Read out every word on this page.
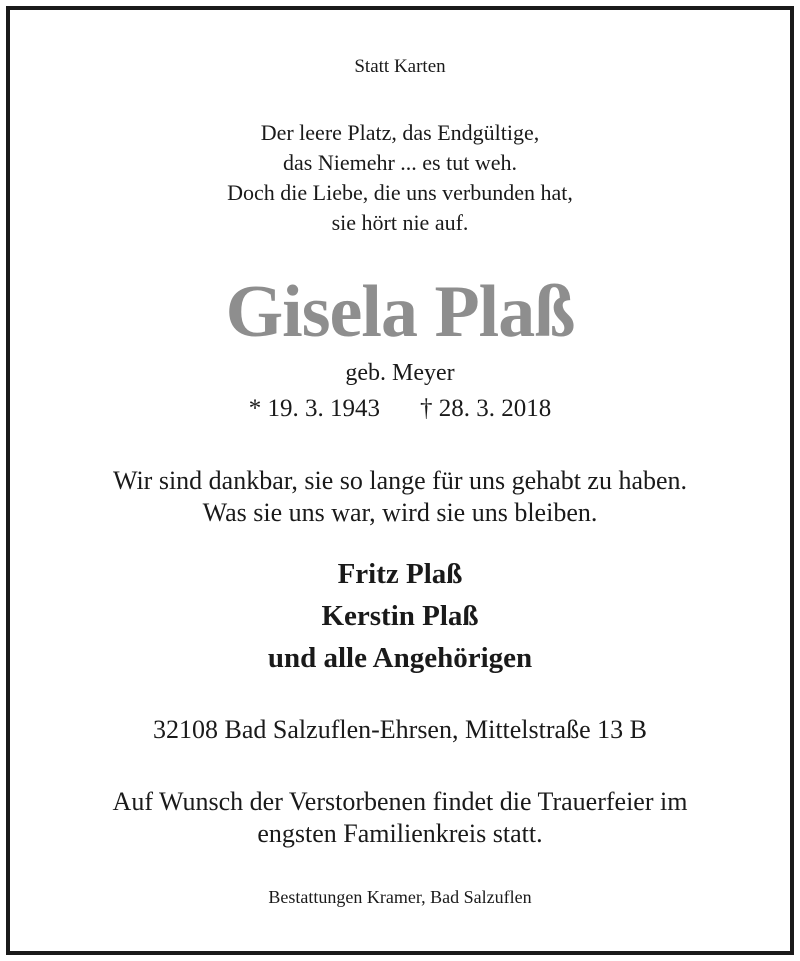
Statt Karten
Der leere Platz, das Endgültige,
das Niemehr ... es tut weh.
Doch die Liebe, die uns verbunden hat,
sie hört nie auf.
Gisela Plaß
geb. Meyer
* 19. 3. 1943 † 28. 3. 2018
Wir sind dankbar, sie so lange für uns gehabt zu haben.
Was sie uns war, wird sie uns bleiben.
Fritz Plaß
Kerstin Plaß
und alle Angehörigen
32108 Bad Salzuflen-Ehrsen, Mittelstraße 13 B
Auf Wunsch der Verstorbenen findet die Trauerfeier im
engsten Familienkreis statt.
Bestattungen Kramer, Bad Salzuflen
